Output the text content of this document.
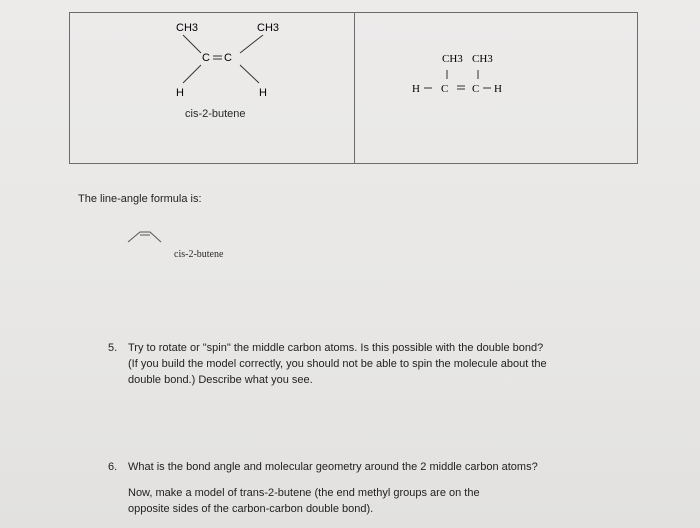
CH3	CH3
C C
H	H
cis-2-butene
CH3 CH3
H C C H
The line-angle formula is:
cis-2-butene
5. Try to rotate or "spin" the middle carbon atoms. Is this possible with the double bond?
(If you build the model correctly, you should not be able to spin the molecule about the
double bond.) Describe what you see.
6. What is the bond angle and molecular geometry around the 2 middle carbon atoms?
Now, make a model of trans-2-butene (the end methyl groups are on the
opposite sides of the carbon-carbon double bond).
